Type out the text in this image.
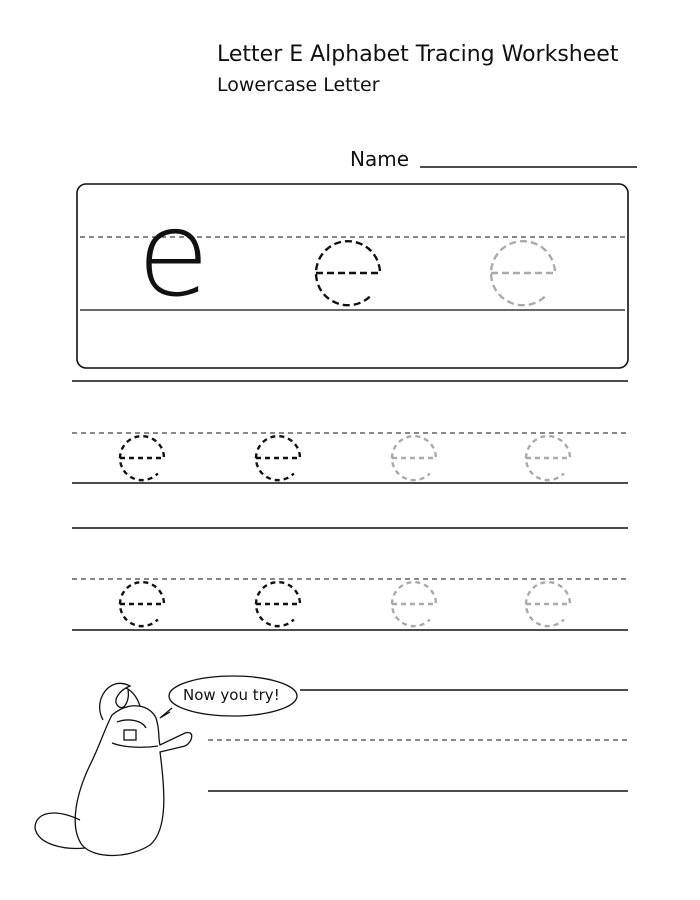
Letter E Alphabet Tracing Worksheet
Lowercase Letter
Name
e
Now you try!
